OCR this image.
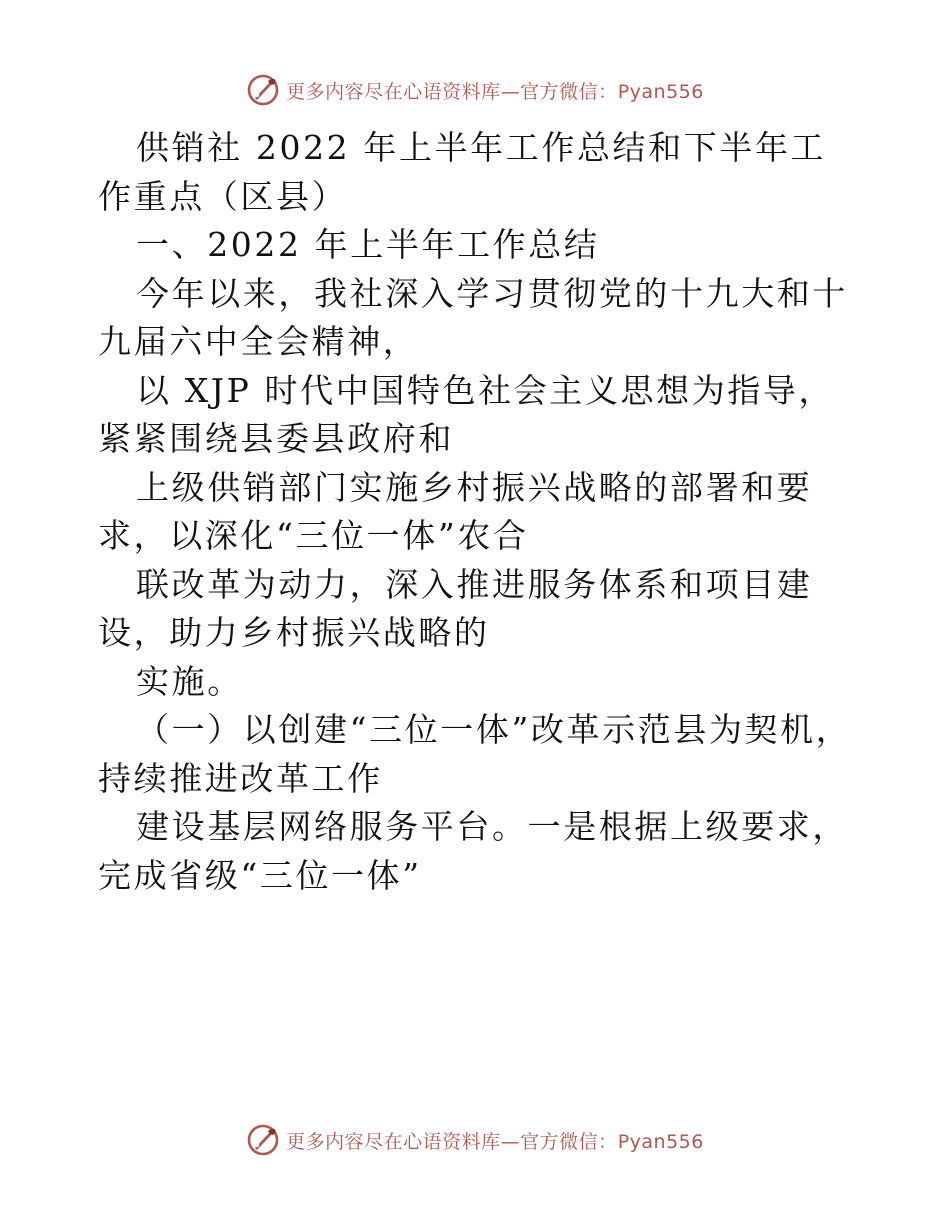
更多内容尽在心语资料库—官方微信：Pyan556

供销社 2022 年上半年工作总结和下半年工作重点（区县）

一、2022 年上半年工作总结

今年以来，我社深入学习贯彻党的十九大和十九届六中全会精神，

以 XJP 时代中国特色社会主义思想为指导，紧紧围绕县委县政府和

上级供销部门实施乡村振兴战略的部署和要求，以深化“三位一体”农合

联改革为动力，深入推进服务体系和项目建设，助力乡村振兴战略的

实施。

（一）以创建“三位一体”改革示范县为契机，持续推进改革工作

建设基层网络服务平台。一是根据上级要求，完成省级“三位一体”

更多内容尽在心语资料库—官方微信：Pyan556
